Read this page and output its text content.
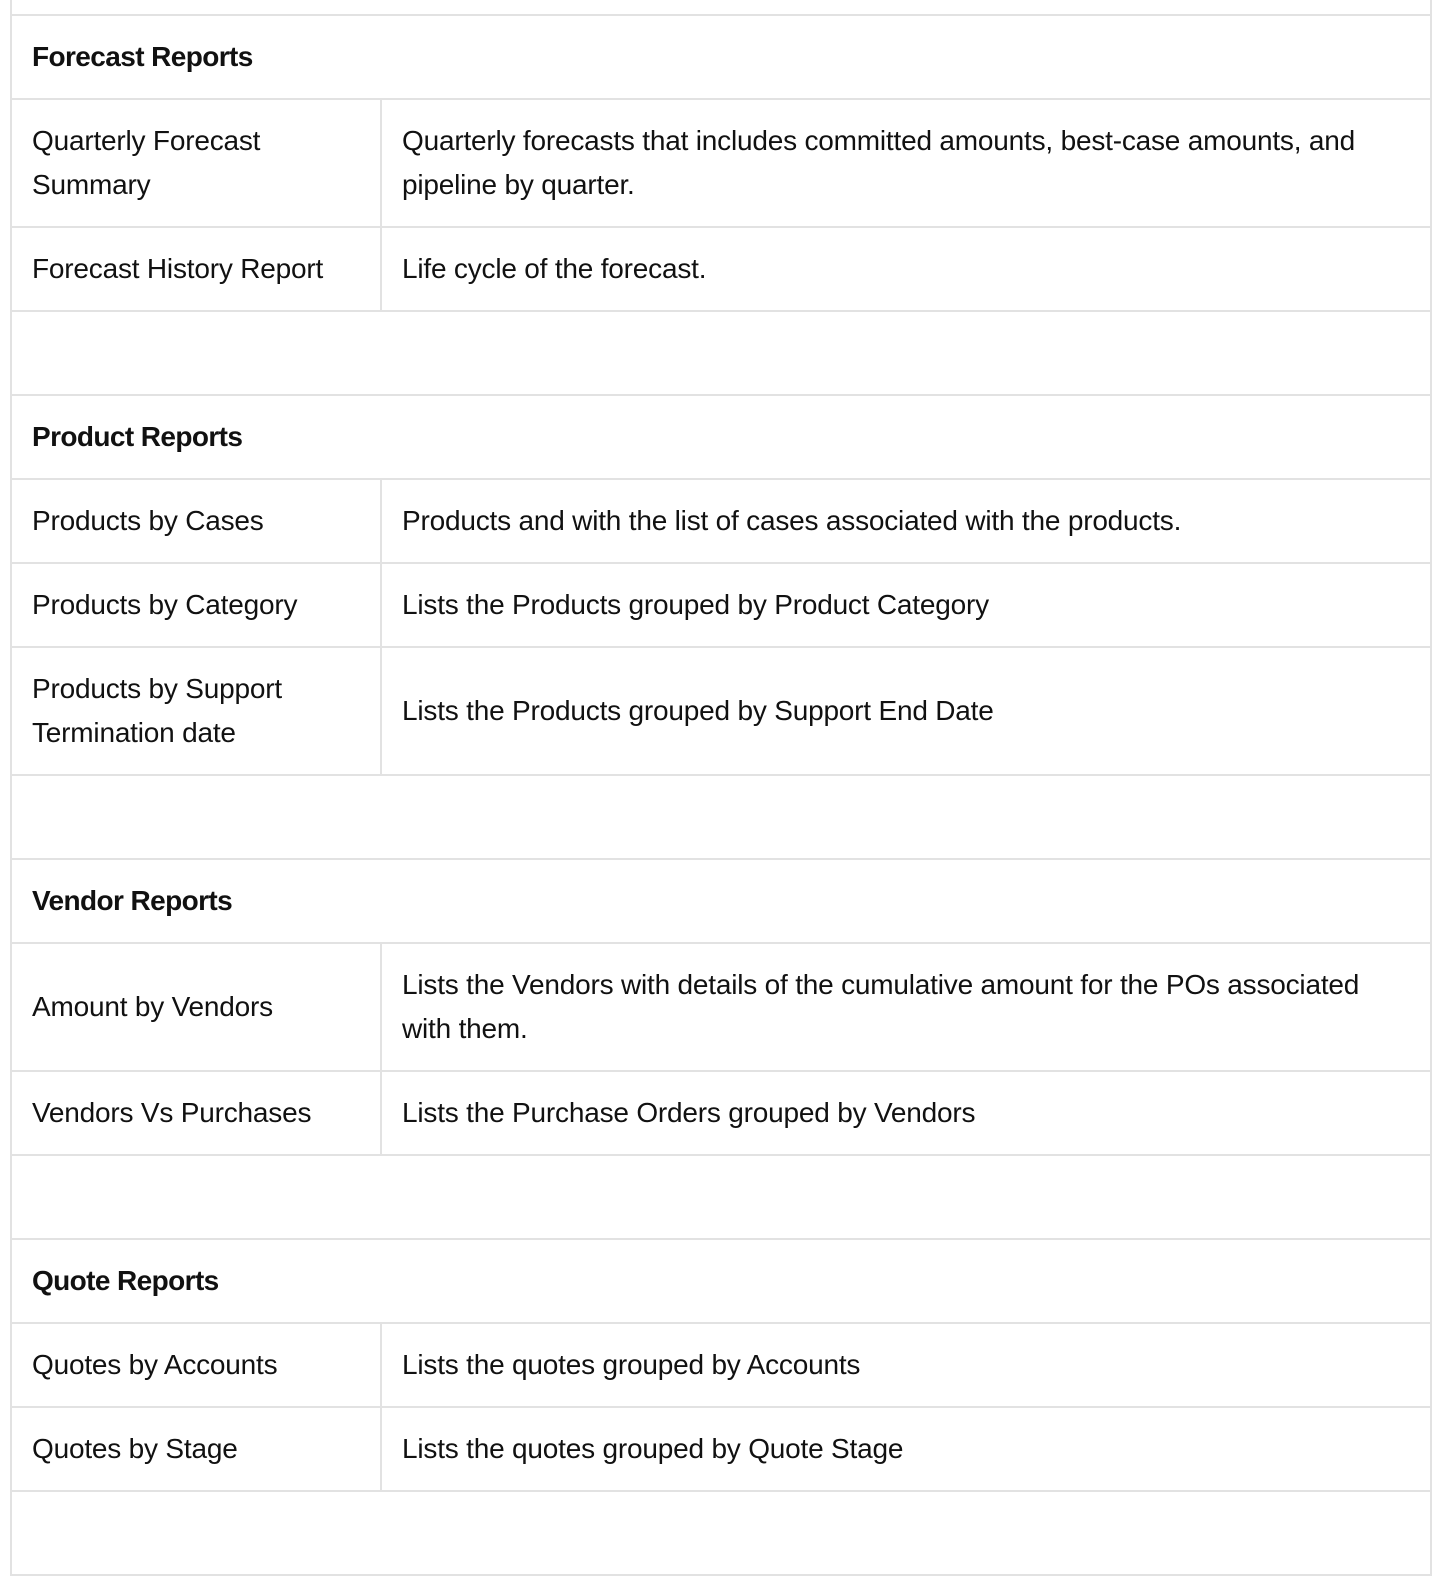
Forecast Reports	
Quarterly Forecast Summary	Quarterly forecasts that includes committed amounts, best-case amounts, and pipeline by quarter.
Forecast History Report	Life cycle of the forecast.

Product Reports	
Products by Cases	Products and with the list of cases associated with the products.
Products by Category	Lists the Products grouped by Product Category
Products by Support Termination date	Lists the Products grouped by Support End Date

Vendor Reports	
Amount by Vendors	Lists the Vendors with details of the cumulative amount for the POs associated with them.
Vendors Vs Purchases	Lists the Purchase Orders grouped by Vendors

Quote Reports	
Quotes by Accounts	Lists the quotes grouped by Accounts
Quotes by Stage	Lists the quotes grouped by Quote Stage
